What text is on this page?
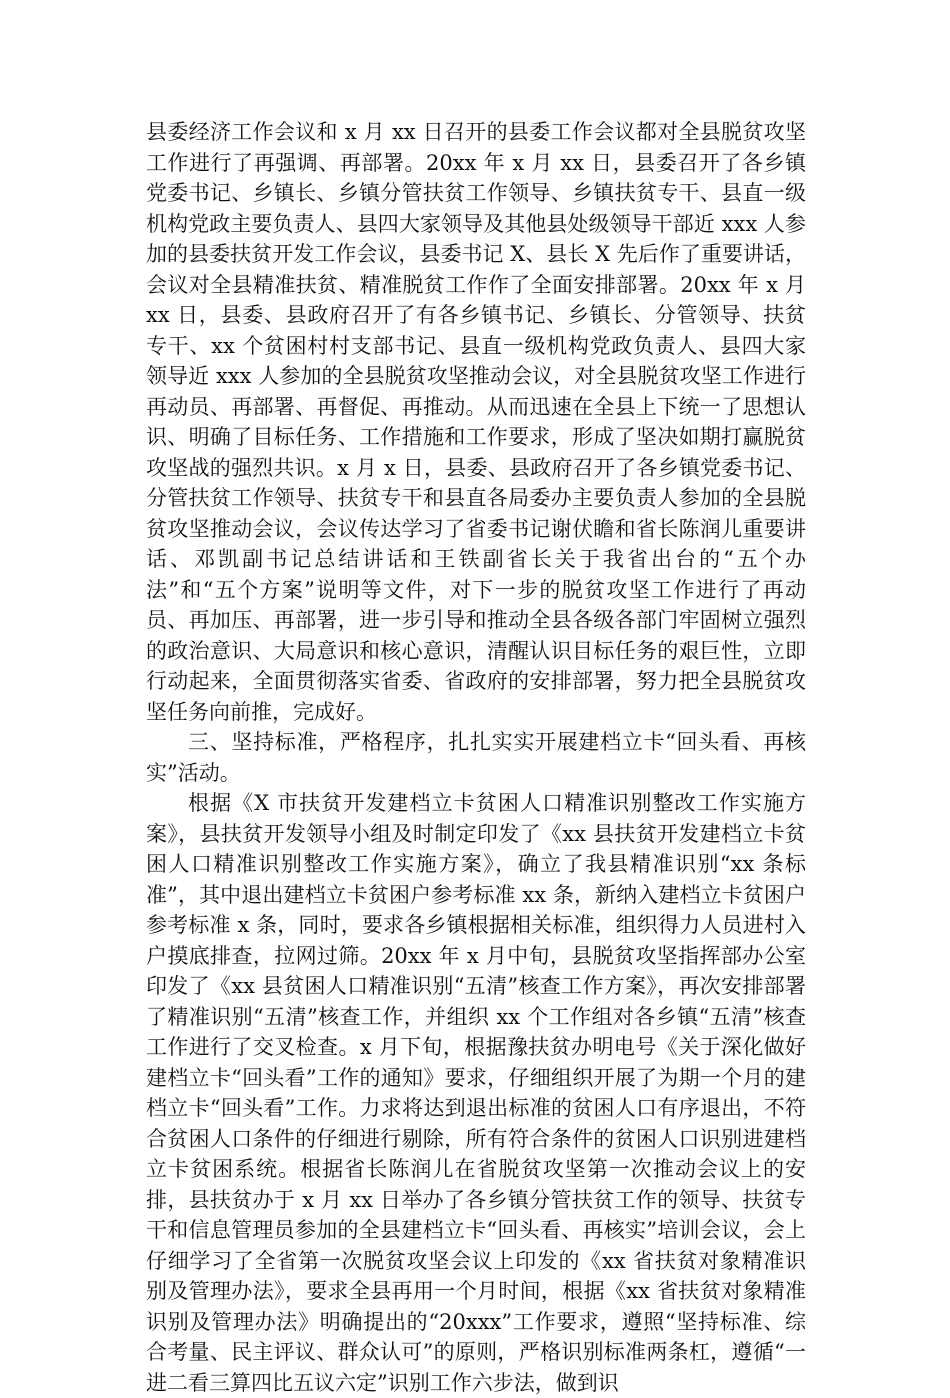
县委经济工作会议和 x 月 xx 日召开的县委工作会议都对全县脱贫攻坚工作进行了再强调、再部署。20xx 年 x 月 xx 日，县委召开了各乡镇党委书记、乡镇长、乡镇分管扶贫工作领导、乡镇扶贫专干、县直一级机构党政主要负责人、县四大家领导及其他县处级领导干部近 xxx 人参加的县委扶贫开发工作会议，县委书记 X、县长 X 先后作了重要讲话，会议对全县精准扶贫、精准脱贫工作作了全面安排部署。20xx 年 x 月 xx 日，县委、县政府召开了有各乡镇书记、乡镇长、分管领导、扶贫专干、xx 个贫困村村支部书记、县直一级机构党政负责人、县四大家领导近 xxx 人参加的全县脱贫攻坚推动会议，对全县脱贫攻坚工作进行再动员、再部署、再督促、再推动。从而迅速在全县上下统一了思想认识、明确了目标任务、工作措施和工作要求，形成了坚决如期打赢脱贫攻坚战的强烈共识。x 月 x 日，县委、县政府召开了各乡镇党委书记、分管扶贫工作领导、扶贫专干和县直各局委办主要负责人参加的全县脱贫攻坚推动会议，会议传达学习了省委书记谢伏瞻和省长陈润儿重要讲话、邓凯副书记总结讲话和王铁副省长关于我省出台的“五个办法”和“五个方案”说明等文件，对下一步的脱贫攻坚工作进行了再动员、再加压、再部署，进一步引导和推动全县各级各部门牢固树立强烈的政治意识、大局意识和核心意识，清醒认识目标任务的艰巨性，立即行动起来，全面贯彻落实省委、省政府的安排部署，努力把全县脱贫攻坚任务向前推，完成好。

三、坚持标准，严格程序，扎扎实实开展建档立卡“回头看、再核实”活动。

根据《X 市扶贫开发建档立卡贫困人口精准识别整改工作实施方案》，县扶贫开发领导小组及时制定印发了《xx 县扶贫开发建档立卡贫困人口精准识别整改工作实施方案》，确立了我县精准识别“xx 条标准”，其中退出建档立卡贫困户参考标准 xx 条，新纳入建档立卡贫困户参考标准 x 条，同时，要求各乡镇根据相关标准，组织得力人员进村入户摸底排查，拉网过筛。20xx 年 x 月中旬，县脱贫攻坚指挥部办公室印发了《xx 县贫困人口精准识别“五清”核查工作方案》，再次安排部署了精准识别“五清”核查工作，并组织 xx 个工作组对各乡镇“五清”核查工作进行了交叉检查。x 月下旬，根据豫扶贫办明电号《关于深化做好建档立卡“回头看”工作的通知》要求，仔细组织开展了为期一个月的建档立卡“回头看”工作。力求将达到退出标准的贫困人口有序退出，不符合贫困人口条件的仔细进行剔除，所有符合条件的贫困人口识别进建档立卡贫困系统。根据省长陈润儿在省脱贫攻坚第一次推动会议上的安排，县扶贫办于 x 月 xx 日举办了各乡镇分管扶贫工作的领导、扶贫专干和信息管理员参加的全县建档立卡“回头看、再核实”培训会议，会上仔细学习了全省第一次脱贫攻坚会议上印发的《xx 省扶贫对象精准识别及管理办法》，要求全县再用一个月时间，根据《xx 省扶贫对象精准识别及管理办法》明确提出的“20xxx”工作要求，遵照“坚持标准、综合考量、民主评议、群众认可”的原则，严格识别标准两条杠，遵循“一进二看三算四比五议六定”识别工作六步法，做到识
